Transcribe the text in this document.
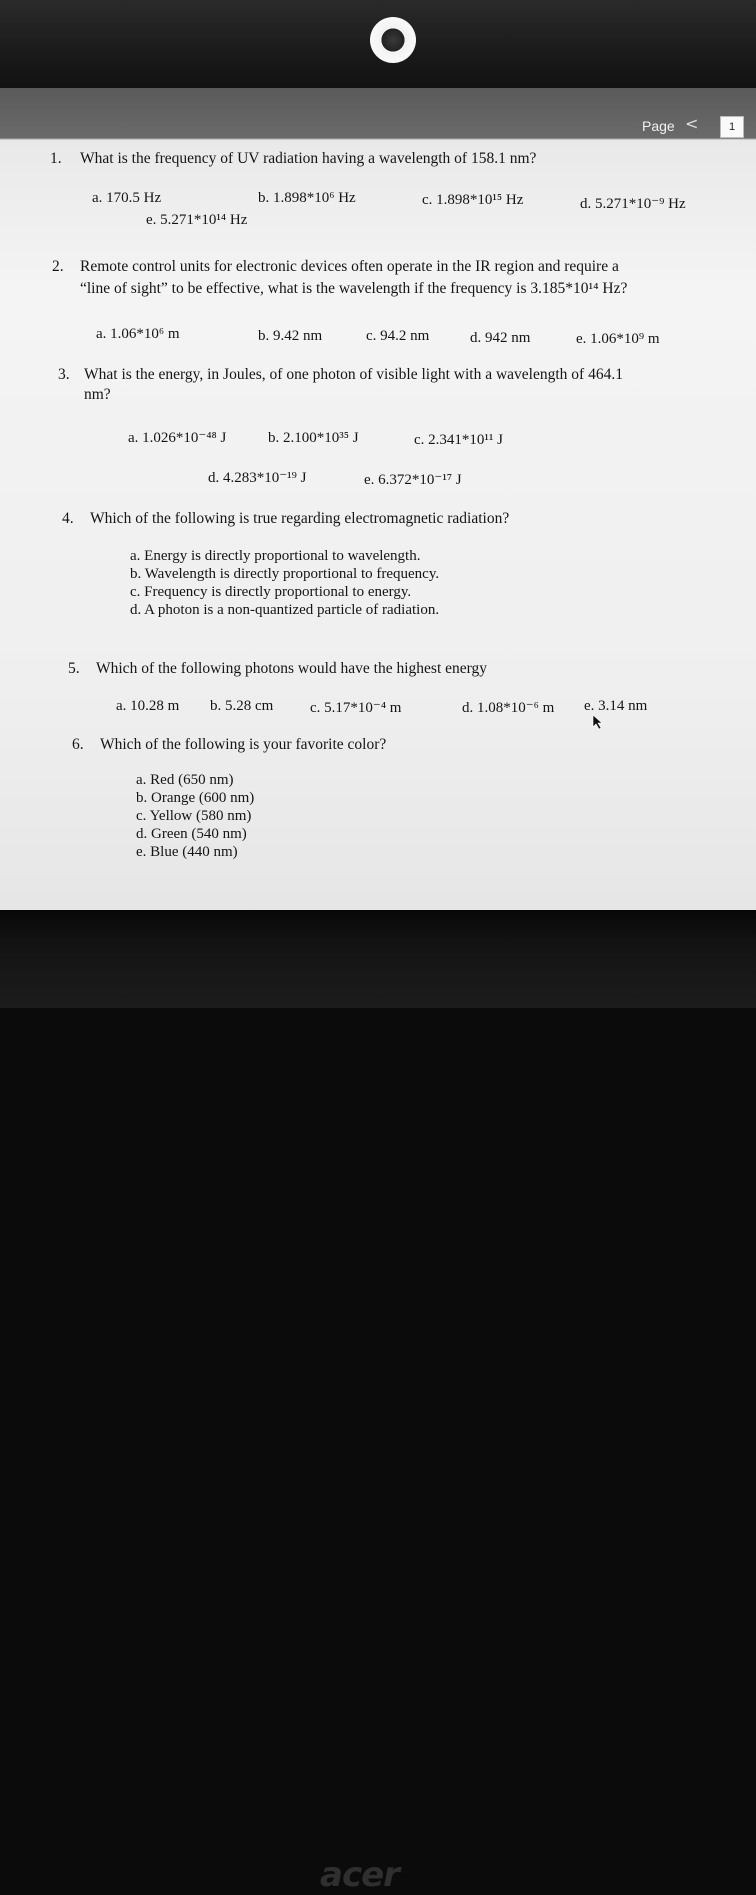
Page <	1
1. What is the frequency of UV radiation having a wavelength of 158.1 nm?
a. 170.5 Hz	b. 1.898*10⁶ Hz	c. 1.898*10¹⁵ Hz	d. 5.271*10⁻⁹ Hz
e. 5.271*10¹⁴ Hz
2. Remote control units for electronic devices often operate in the IR region and require a
“line of sight” to be effective, what is the wavelength if the frequency is 3.185*10¹⁴ Hz?
a. 1.06*10⁶ m	b. 9.42 nm	c. 94.2 nm	d. 942 nm	e. 1.06*10⁹ m
3. What is the energy, in Joules, of one photon of visible light with a wavelength of 464.1
nm?
a. 1.026*10⁻⁴⁸ J	b. 2.100*10³⁵ J	c. 2.341*10¹¹ J
d. 4.283*10⁻¹⁹ J	e. 6.372*10⁻¹⁷ J
4. Which of the following is true regarding electromagnetic radiation?
a. Energy is directly proportional to wavelength.
b. Wavelength is directly proportional to frequency.
c. Frequency is directly proportional to energy.
d. A photon is a non-quantized particle of radiation.
5. Which of the following photons would have the highest energy
a. 10.28 m b. 5.28 cm c. 5.17*10⁻⁴ m	d. 1.08*10⁻⁶ m e. 3.14 nm
6. Which of the following is your favorite color?
a. Red (650 nm)
b. Orange (600 nm)
c. Yellow (580 nm)
d. Green (540 nm)
e. Blue (440 nm)
acer
